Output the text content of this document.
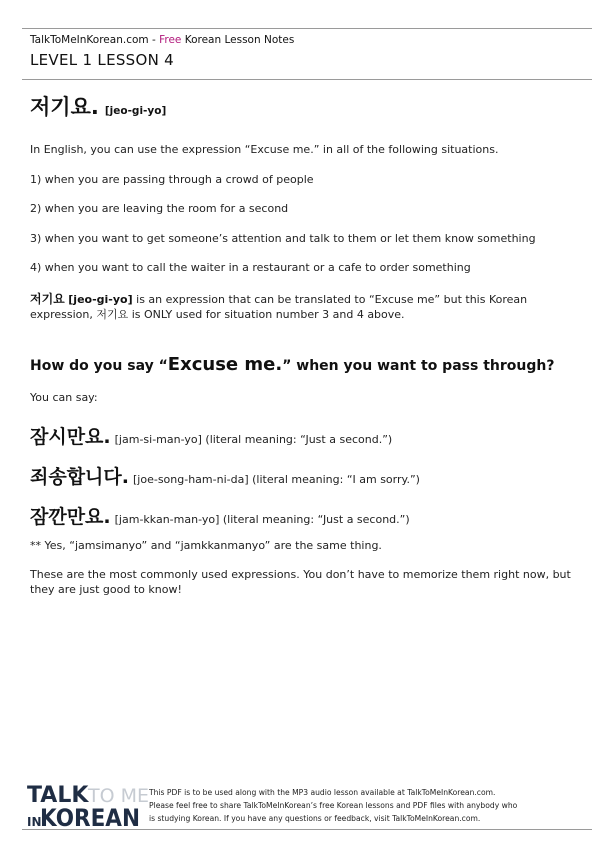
TalkToMeInKorean.com - Free Korean Lesson Notes
LEVEL 1 LESSON 4
저기요. [jeo-gi-yo]
In English, you can use the expression “Excuse me.” in all of the following situations.
1) when you are passing through a crowd of people
2) when you are leaving the room for a second
3) when you want to get someone’s attention and talk to them or let them know something
4) when you want to call the waiter in a restaurant or a cafe to order something
저기요 [jeo-gi-yo] is an expression that can be translated to “Excuse me” but this Korean expression, 저기요 is ONLY used for situation number 3 and 4 above.
How do you say “Excuse me.” when you want to pass through?
You can say:
잠시만요. [jam-si-man-yo] (literal meaning: “Just a second.”)
죄송합니다. [joe-song-ham-ni-da] (literal meaning: “I am sorry.”)
잠깐만요. [jam-kkan-man-yo] (literal meaning: “Just a second.”)
** Yes, “jamsimanyo” and “jamkkanmanyo” are the same thing.
These are the most commonly used expressions. You don’t have to memorize them right now, but they are just good to know!
TALK TO ME
IN
KOREAN
This PDF is to be used along with the MP3 audio lesson available at TalkToMeInKorean.com.
Please feel free to share TalkToMeInKorean’s free Korean lessons and PDF files with anybody who
is studying Korean. If you have any questions or feedback, visit TalkToMeInKorean.com.
